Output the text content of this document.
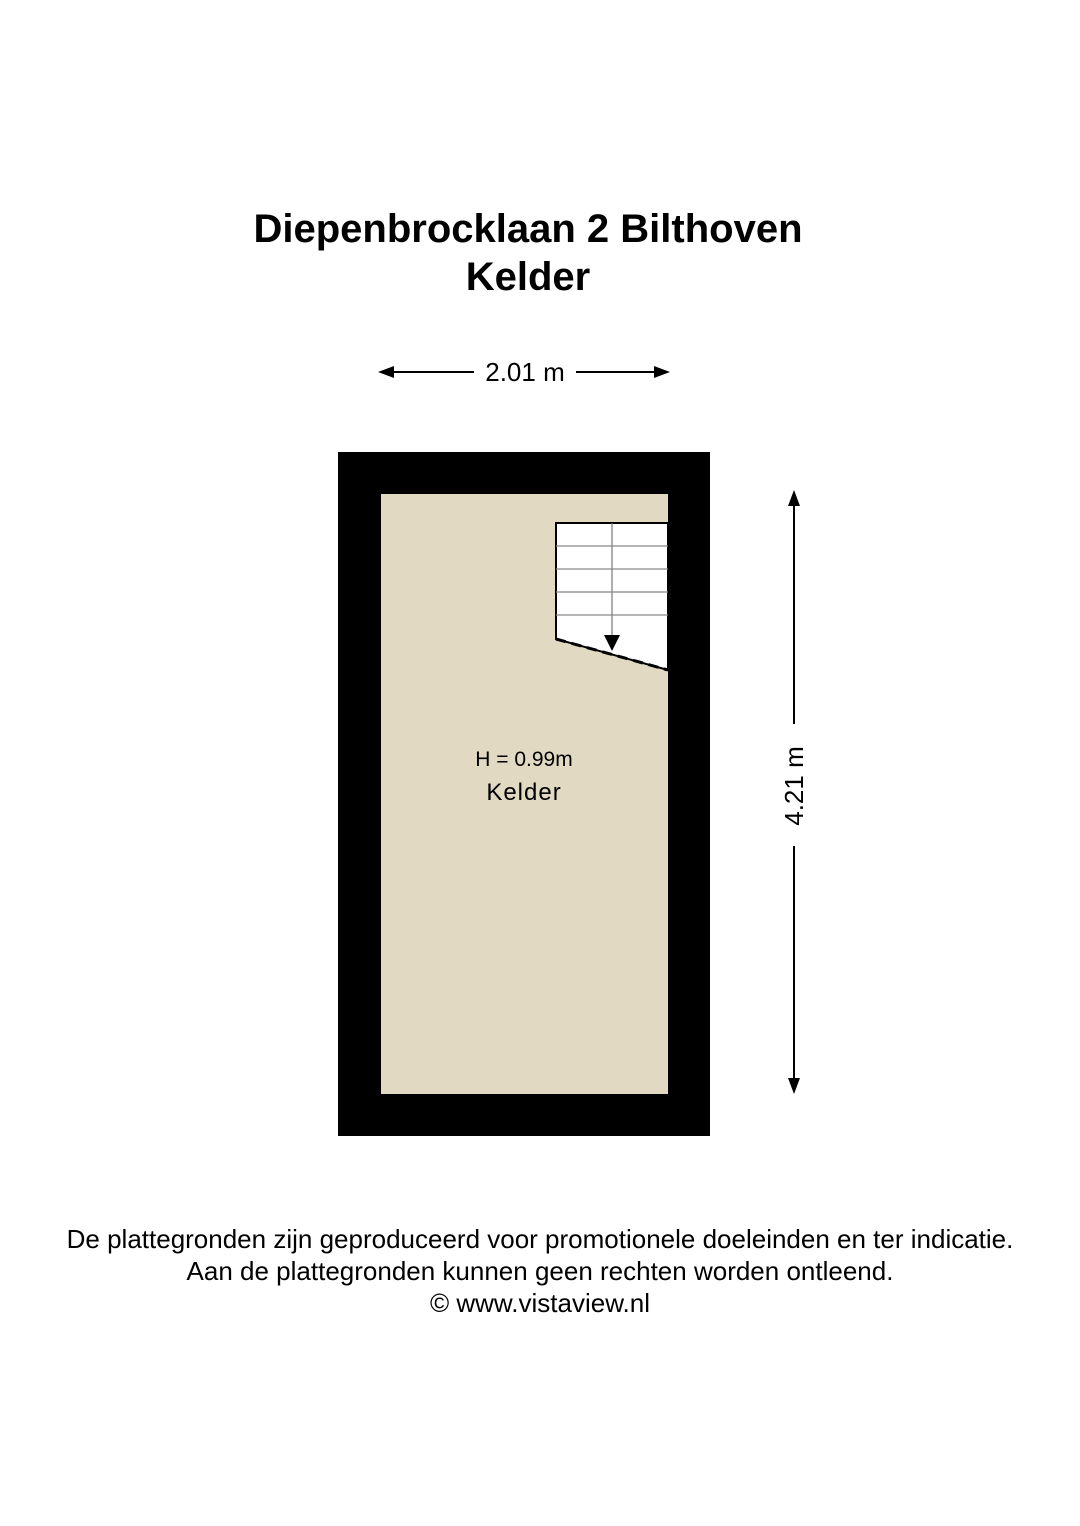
Diepenbrocklaan 2 Bilthoven
Kelder
2.01 m
4.21 m
H = 0.99m
Kelder
De plattegronden zijn geproduceerd voor promotionele doeleinden en ter indicatie.
Aan de plattegronden kunnen geen rechten worden ontleend.
© www.vistaview.nl
